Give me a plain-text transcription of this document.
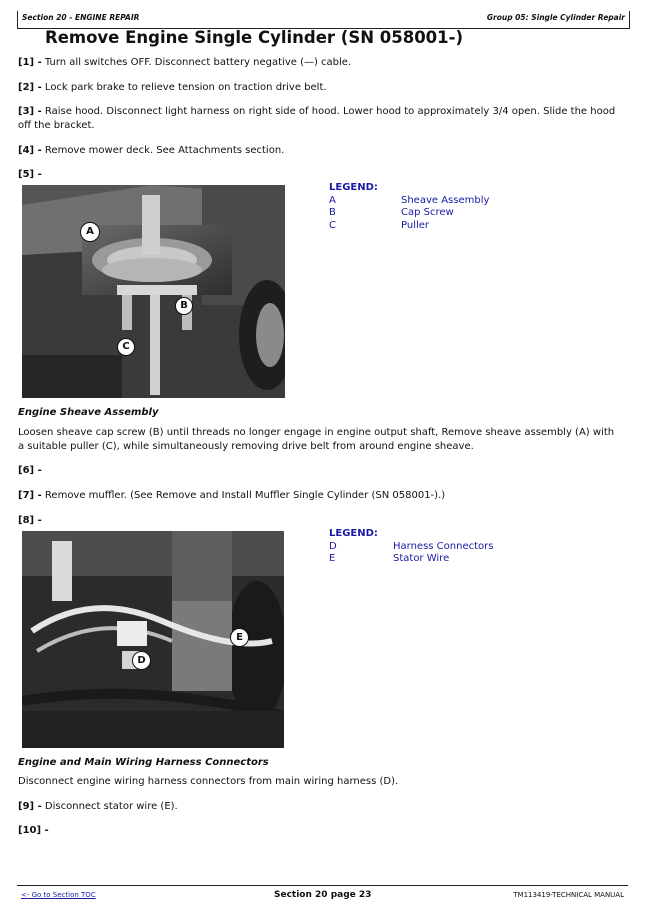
Section 20 - ENGINE REPAIR	Group 05: Single Cylinder Repair
Remove Engine Single Cylinder (SN 058001-)
[1] - Turn all switches OFF. Disconnect battery negative (—) cable.
[2] - Lock park brake to relieve tension on traction drive belt.
[3] - Raise hood. Disconnect light harness on right side of hood. Lower hood to approximately 3/4 open. Slide the hood off the bracket.
[4] - Remove mower deck. See Attachments section.
[5] -
A
B
C
LEGEND:
A	Sheave Assembly
B	Cap Screw
C	Puller
Engine Sheave Assembly
Loosen sheave cap screw (B) until threads no longer engage in engine output shaft, Remove sheave assembly (A) with a suitable puller (C), while simultaneously removing drive belt from around engine sheave.
[6] -
[7] - Remove muffler. (See Remove and Install Muffler Single Cylinder (SN 058001-).)
[8] -
D
E
LEGEND:
D	Harness Connectors
E	Stator Wire
Engine and Main Wiring Harness Connectors
Disconnect engine wiring harness connectors from main wiring harness (D).
[9] - Disconnect stator wire (E).
[10] -
<- Go to Section TOC	Section 20 page 23	TM113419-TECHNICAL MANUAL
